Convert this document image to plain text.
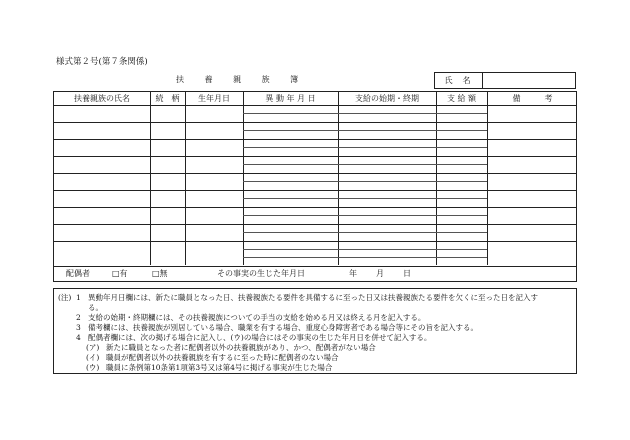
様式第２号(第７条関係)
扶 養 親 族 簿	氏名
扶養親族の氏名	続　柄	生年月日	異 動 年 月 日	支給の始期・終期	支 給 額	備　　　考
配偶者	□有	□無	その事実の生じた年月日	年 月 日
(注) 1 異動年月日欄には、新たに職員となった日、扶養親族たる要件を具備するに至った日又は扶養親族たる要件を欠くに至った日を記入す
る。
2 支給の始期・終期欄には、その扶養親族についての手当の支給を始める月又は終える月を記入する。
3 備考欄には、扶養親族が別居している場合、職業を有する場合、重度心身障害者である場合等にその旨を記入する。
4 配偶者欄には、次の掲げる場合に記入し、(ウ)の場合にはその事実の生じた年月日を併せて記入する。
(ア) 新たに職員となった者に配偶者以外の扶養親族があり、かつ、配偶者がない場合
(イ) 職員が配偶者以外の扶養親族を有するに至った時に配偶者のない場合
(ウ) 職員に条例第10条第1項第3号又は第4号に掲げる事実が生じた場合
